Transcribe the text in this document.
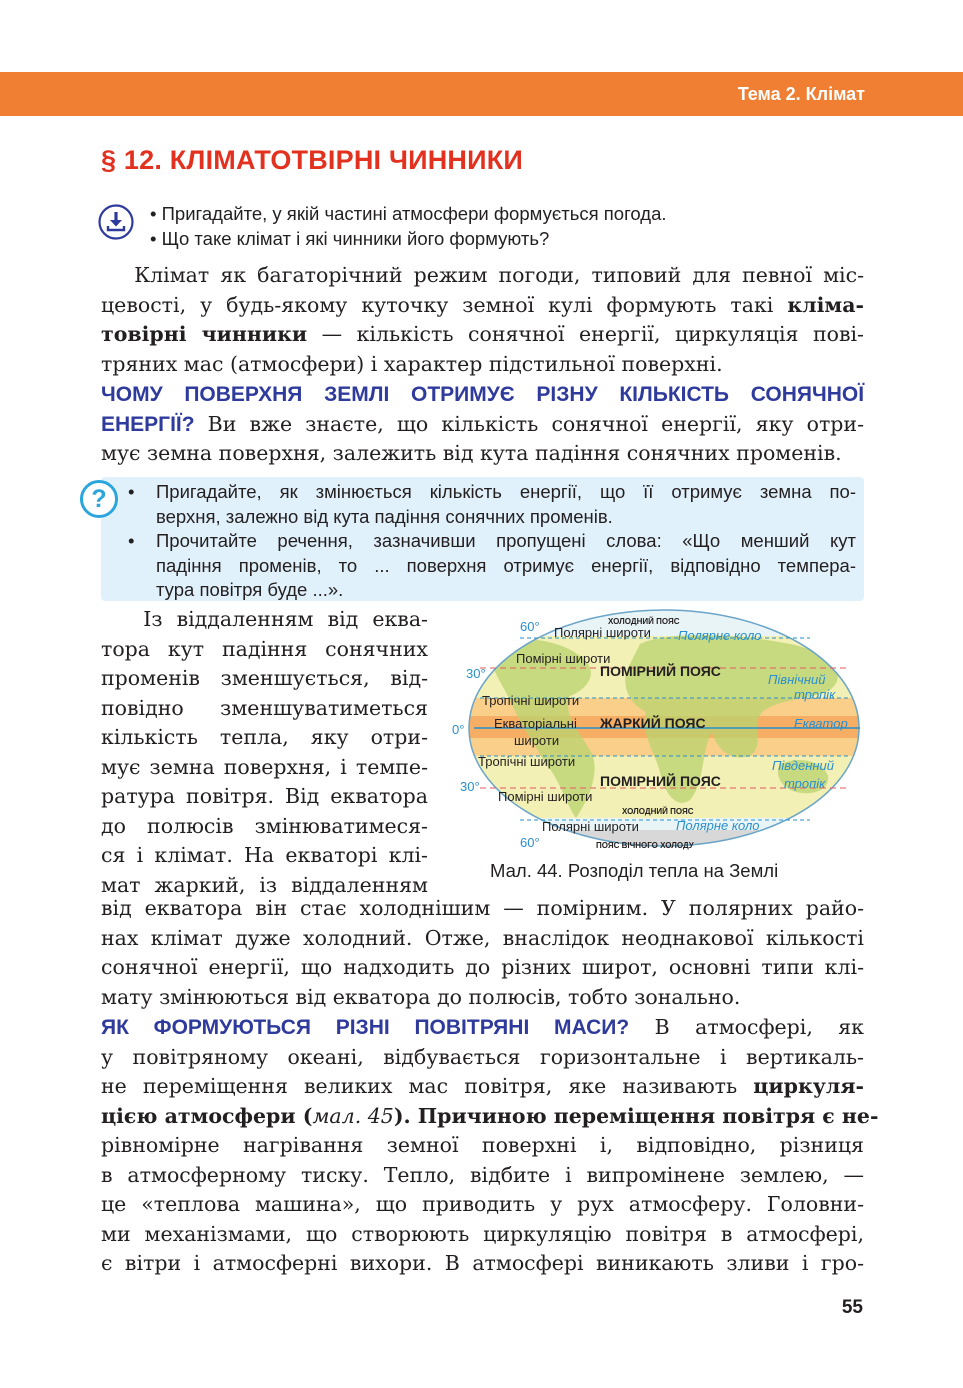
Тема 2. Клімат
§ 12. КЛІМАТОТВІРНІ ЧИННИКИ
• Пригадайте, у якій частині атмосфери формується погода.
• Що таке клімат і які чинники його формують?
Клімат як багаторічний режим погоди, типовий для певної міс-
цевості, у будь-якому куточку земної кулі формують такі кліма-
товірні чинники — кількість сонячної енергії, циркуляція пові-
тряних мас (атмосфери) і характер підстильної поверхні.
ЧОМУ ПОВЕРХНЯ ЗЕМЛІ ОТРИМУЄ РІЗНУ КІЛЬКІСТЬ СОНЯЧНОЇ
ЕНЕРГІЇ? Ви вже знаєте, що кількість сонячної енергії, яку отри-
мує земна поверхня, залежить від кута падіння сонячних променів.
?	• Пригадайте, як змінюється кількість енергії, що її отримує земна по-
верхня, залежно від кута падіння сонячних променів.
• Прочитайте речення, зазначивши пропущені слова: «Що менший кут
падіння променів, то ... поверхня отримує енергії, відповідно темпера-
тура повітря буде ...».
Із віддаленням від еква-
тора кут падіння сонячних
променів зменшується, від-
повідно зменшуватиметься
кількість тепла, яку отри-
мує земна поверхня, і темпе-
ратура повітря. Від екватора
до полюсів змінюватимеся-
ся і клімат. На екваторі клі-
мат жаркий, із віддаленням
60°
30°
0°
30°
60°
ХОЛОДНИЙ ПОЯС
ПОМІРНИЙ ПОЯС
ЖАРКИЙ ПОЯС
ПОМІРНИЙ ПОЯС
ХОЛОДНИЙ ПОЯС
ПОЯС ВІЧНОГО ХОЛОДУ
Полярні широти
Помірні широти
Тропічні широти
Екваторіальні
широти
Тропічні широти
Помірні широти
Полярні широти
Полярне коло
Північний
тропік
Екватор
Південний
тропік
Полярне коло
Мал. 44. Розподіл тепла на Землі
від екватора він стає холоднішим — помірним. У полярних райо-
нах клімат дуже холодний. Отже, внаслідок неоднакової кількості
сонячної енергії, що надходить до різних широт, основні типи клі-
мату змінюються від екватора до полюсів, тобто зонально.
ЯК ФОРМУЮТЬСЯ РІЗНІ ПОВІТРЯНІ МАСИ? В атмосфері, як
у повітряному океані, відбувається горизонтальне і вертикаль-
не переміщення великих мас повітря, яке називають циркуля-
цією атмосфери (мал. 45). Причиною переміщення повітря є не-
рівномірне нагрівання земної поверхні і, відповідно, різниця
в атмосферному тиску. Тепло, відбите і випромінене землею, —
це «теплова машина», що приводить у рух атмосферу. Головни-
ми механізмами, що створюють циркуляцію повітря в атмосфері,
є вітри і атмосферні вихори. В атмосфері виникають зливи і гро-
55
